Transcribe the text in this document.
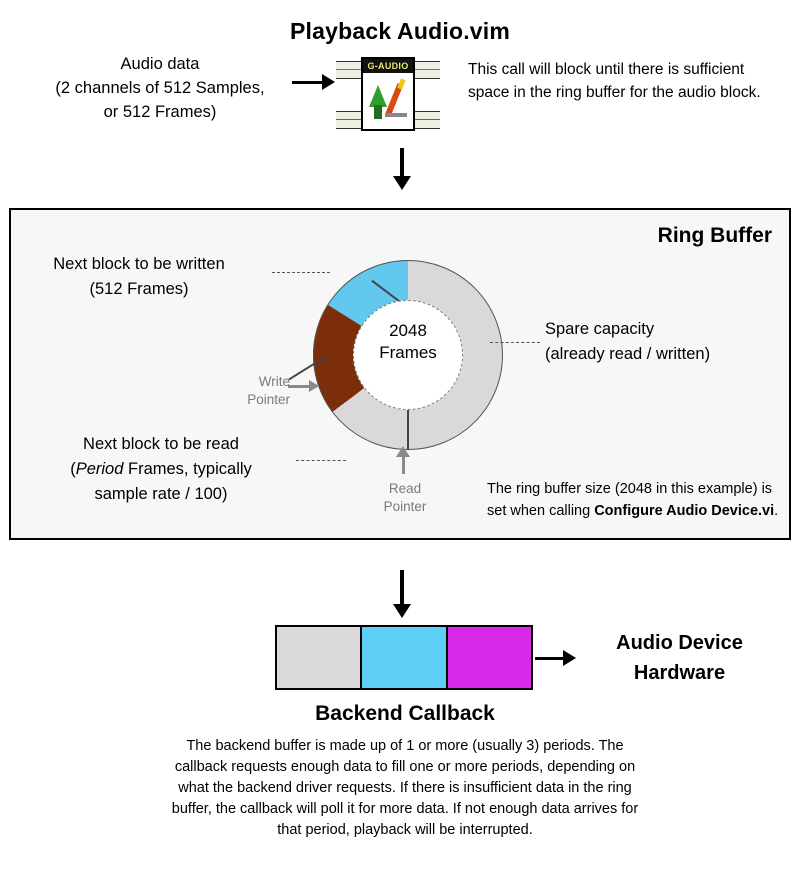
Playback Audio.vim
Audio data
(2 channels of 512 Samples,
or 512 Frames)
G-AUDIO	This call will block until there is sufficient space in the ring buffer for the audio block.
Ring Buffer
2048
Frames
Next block to be written
(512 Frames)
Next block to be read
(Period Frames, typically
sample rate / 100)
Spare capacity
(already read / written)
Write
Pointer
Read
Pointer
The ring buffer size (2048 in this example) is set when calling Configure Audio Device.vi.
Audio Device
Hardware
Backend Callback
The backend buffer is made up of 1 or more (usually 3) periods. The callback requests enough data to fill one or more periods, depending on what the backend driver requests. If there is insufficient data in the ring buffer, the callback will poll it for more data. If not enough data arrives for that period, playback will be interrupted.
